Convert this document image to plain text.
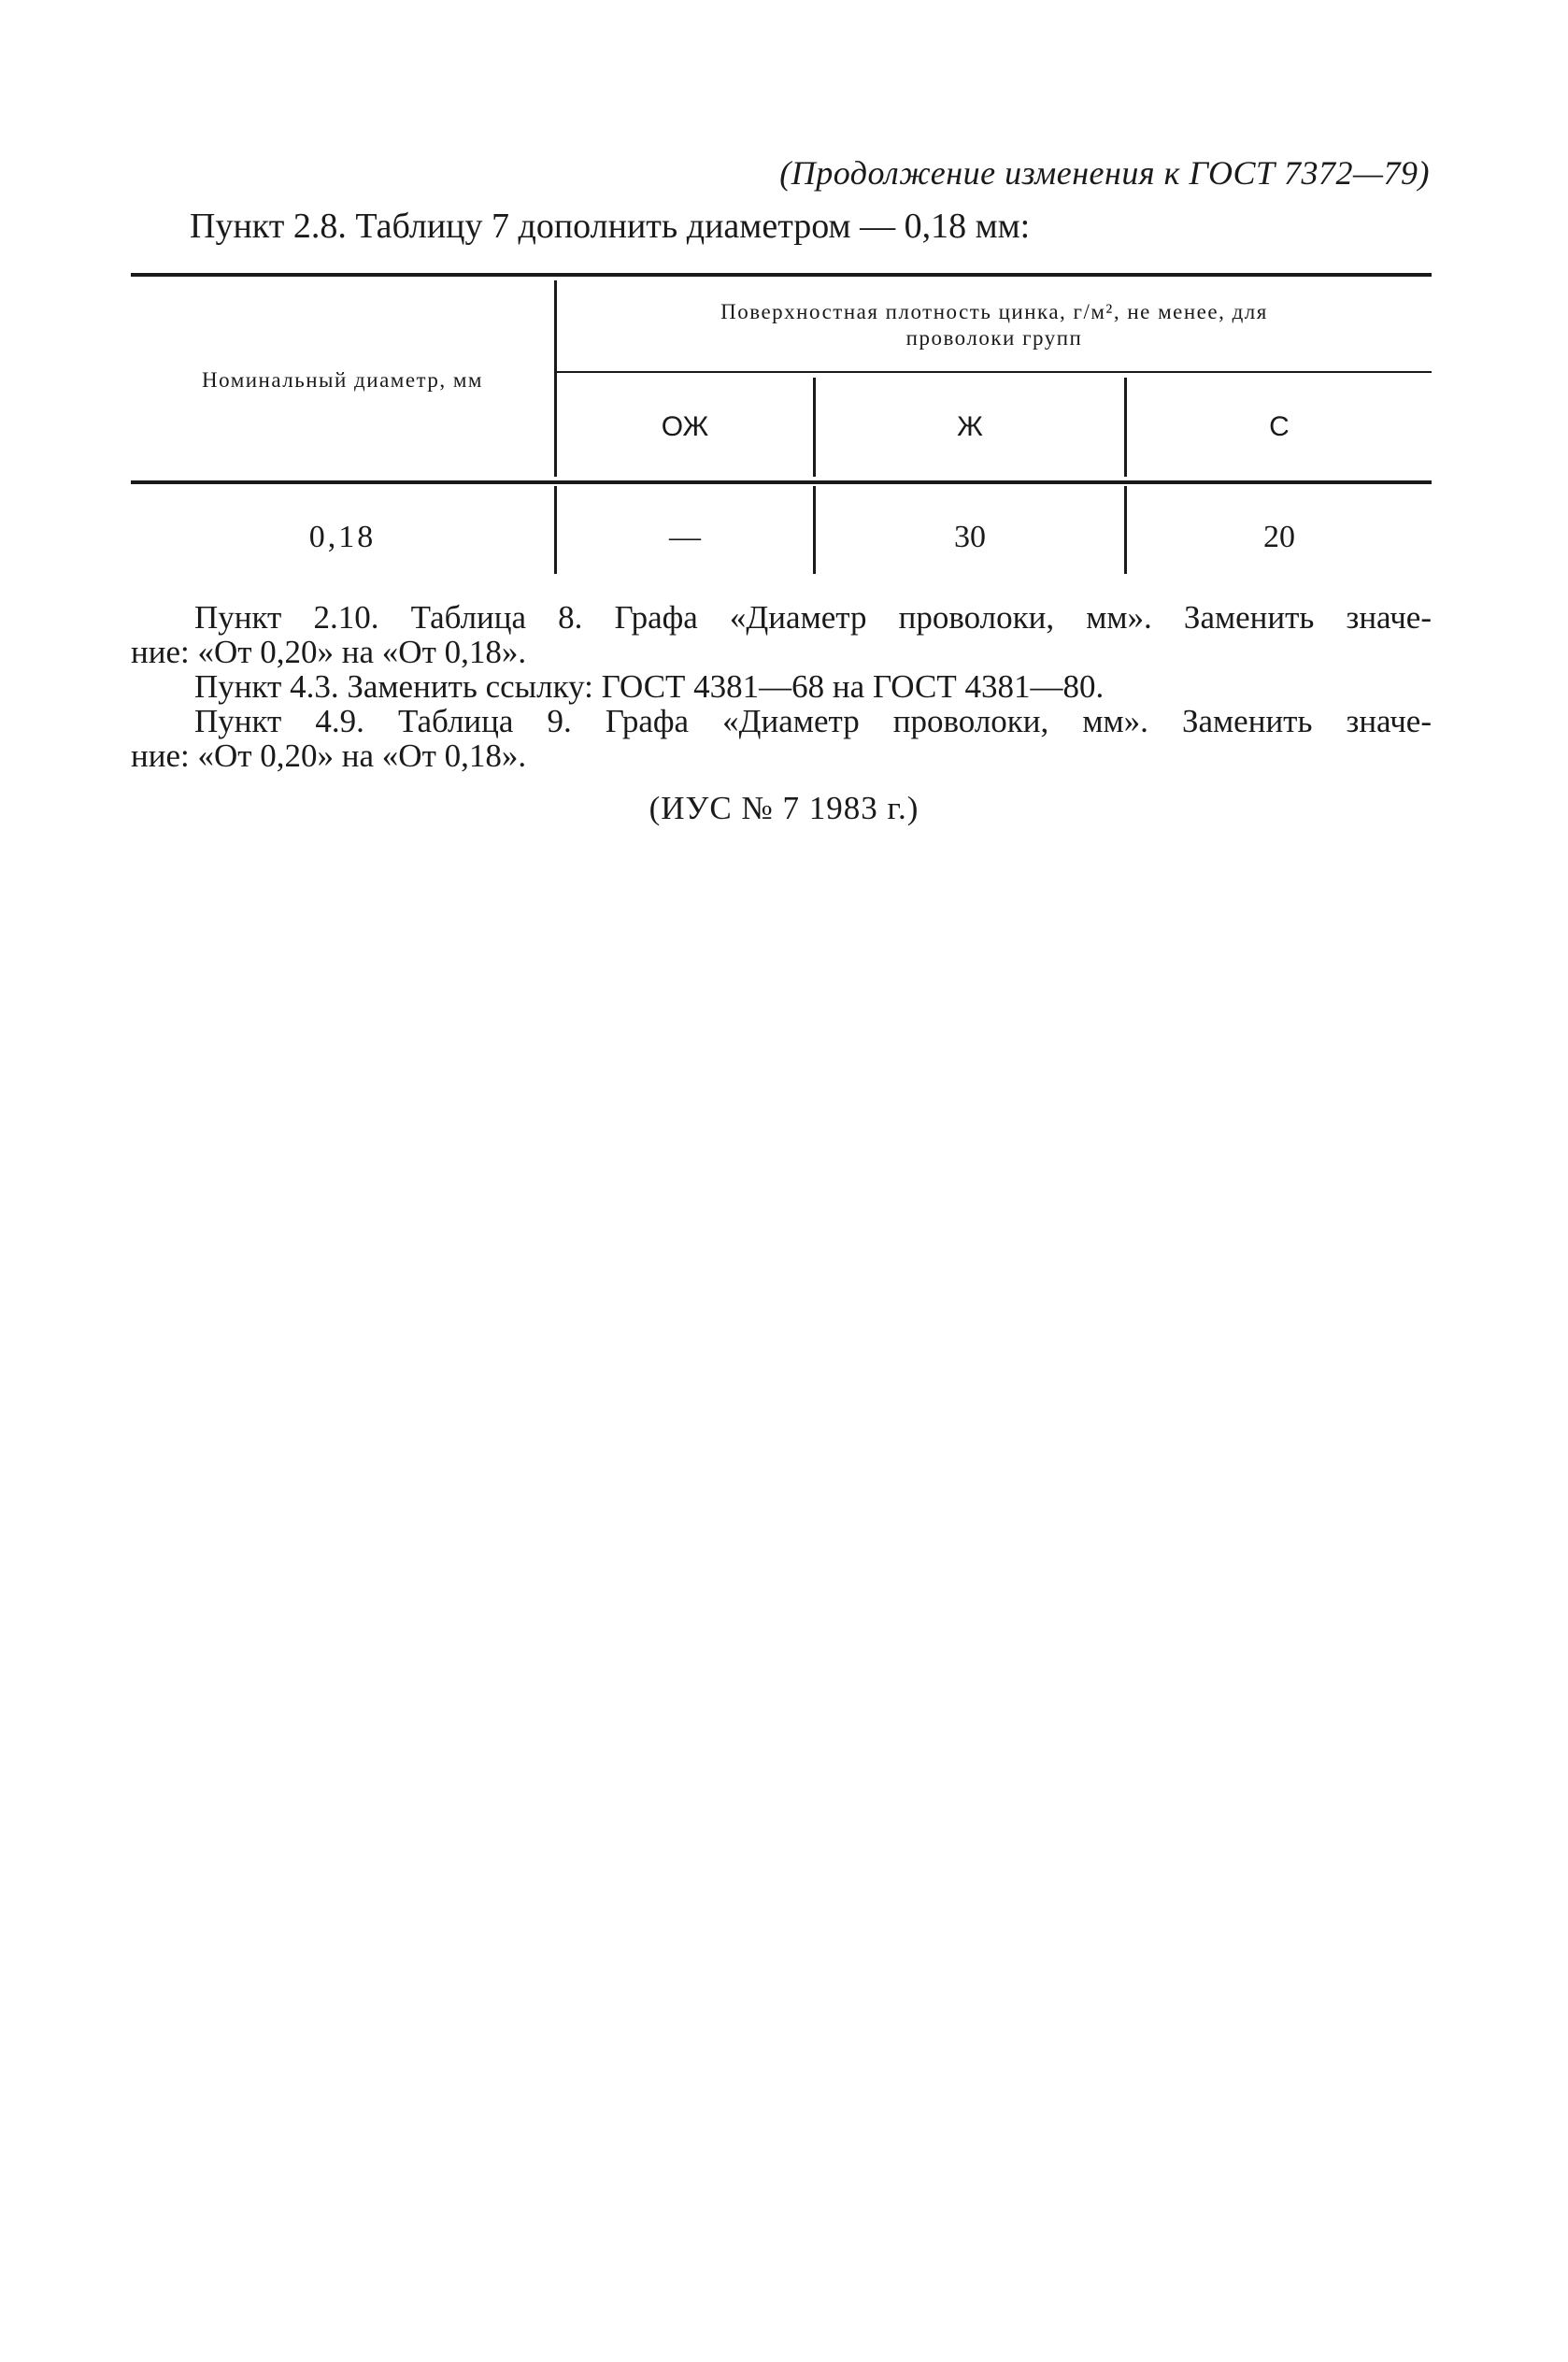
(Продолжение изменения к ГОСТ 7372—79)
Пункт 2.8. Таблицу 7 дополнить диаметром — 0,18 мм:
Номинальный диаметр, мм
Поверхностная плотность цинка, г/м², не менее, для проволоки групп
ОЖ	Ж	С
0,18	—	30	20
Пункт 2.10. Таблица 8. Графа «Диаметр проволоки, мм». Заменить значе-
ние: «От 0,20» на «От 0,18».
Пункт 4.3. Заменить ссылку: ГОСТ 4381—68 на ГОСТ 4381—80.
Пункт 4.9. Таблица 9. Графа «Диаметр проволоки, мм». Заменить значе-
ние: «От 0,20» на «От 0,18».
(ИУС № 7 1983 г.)
